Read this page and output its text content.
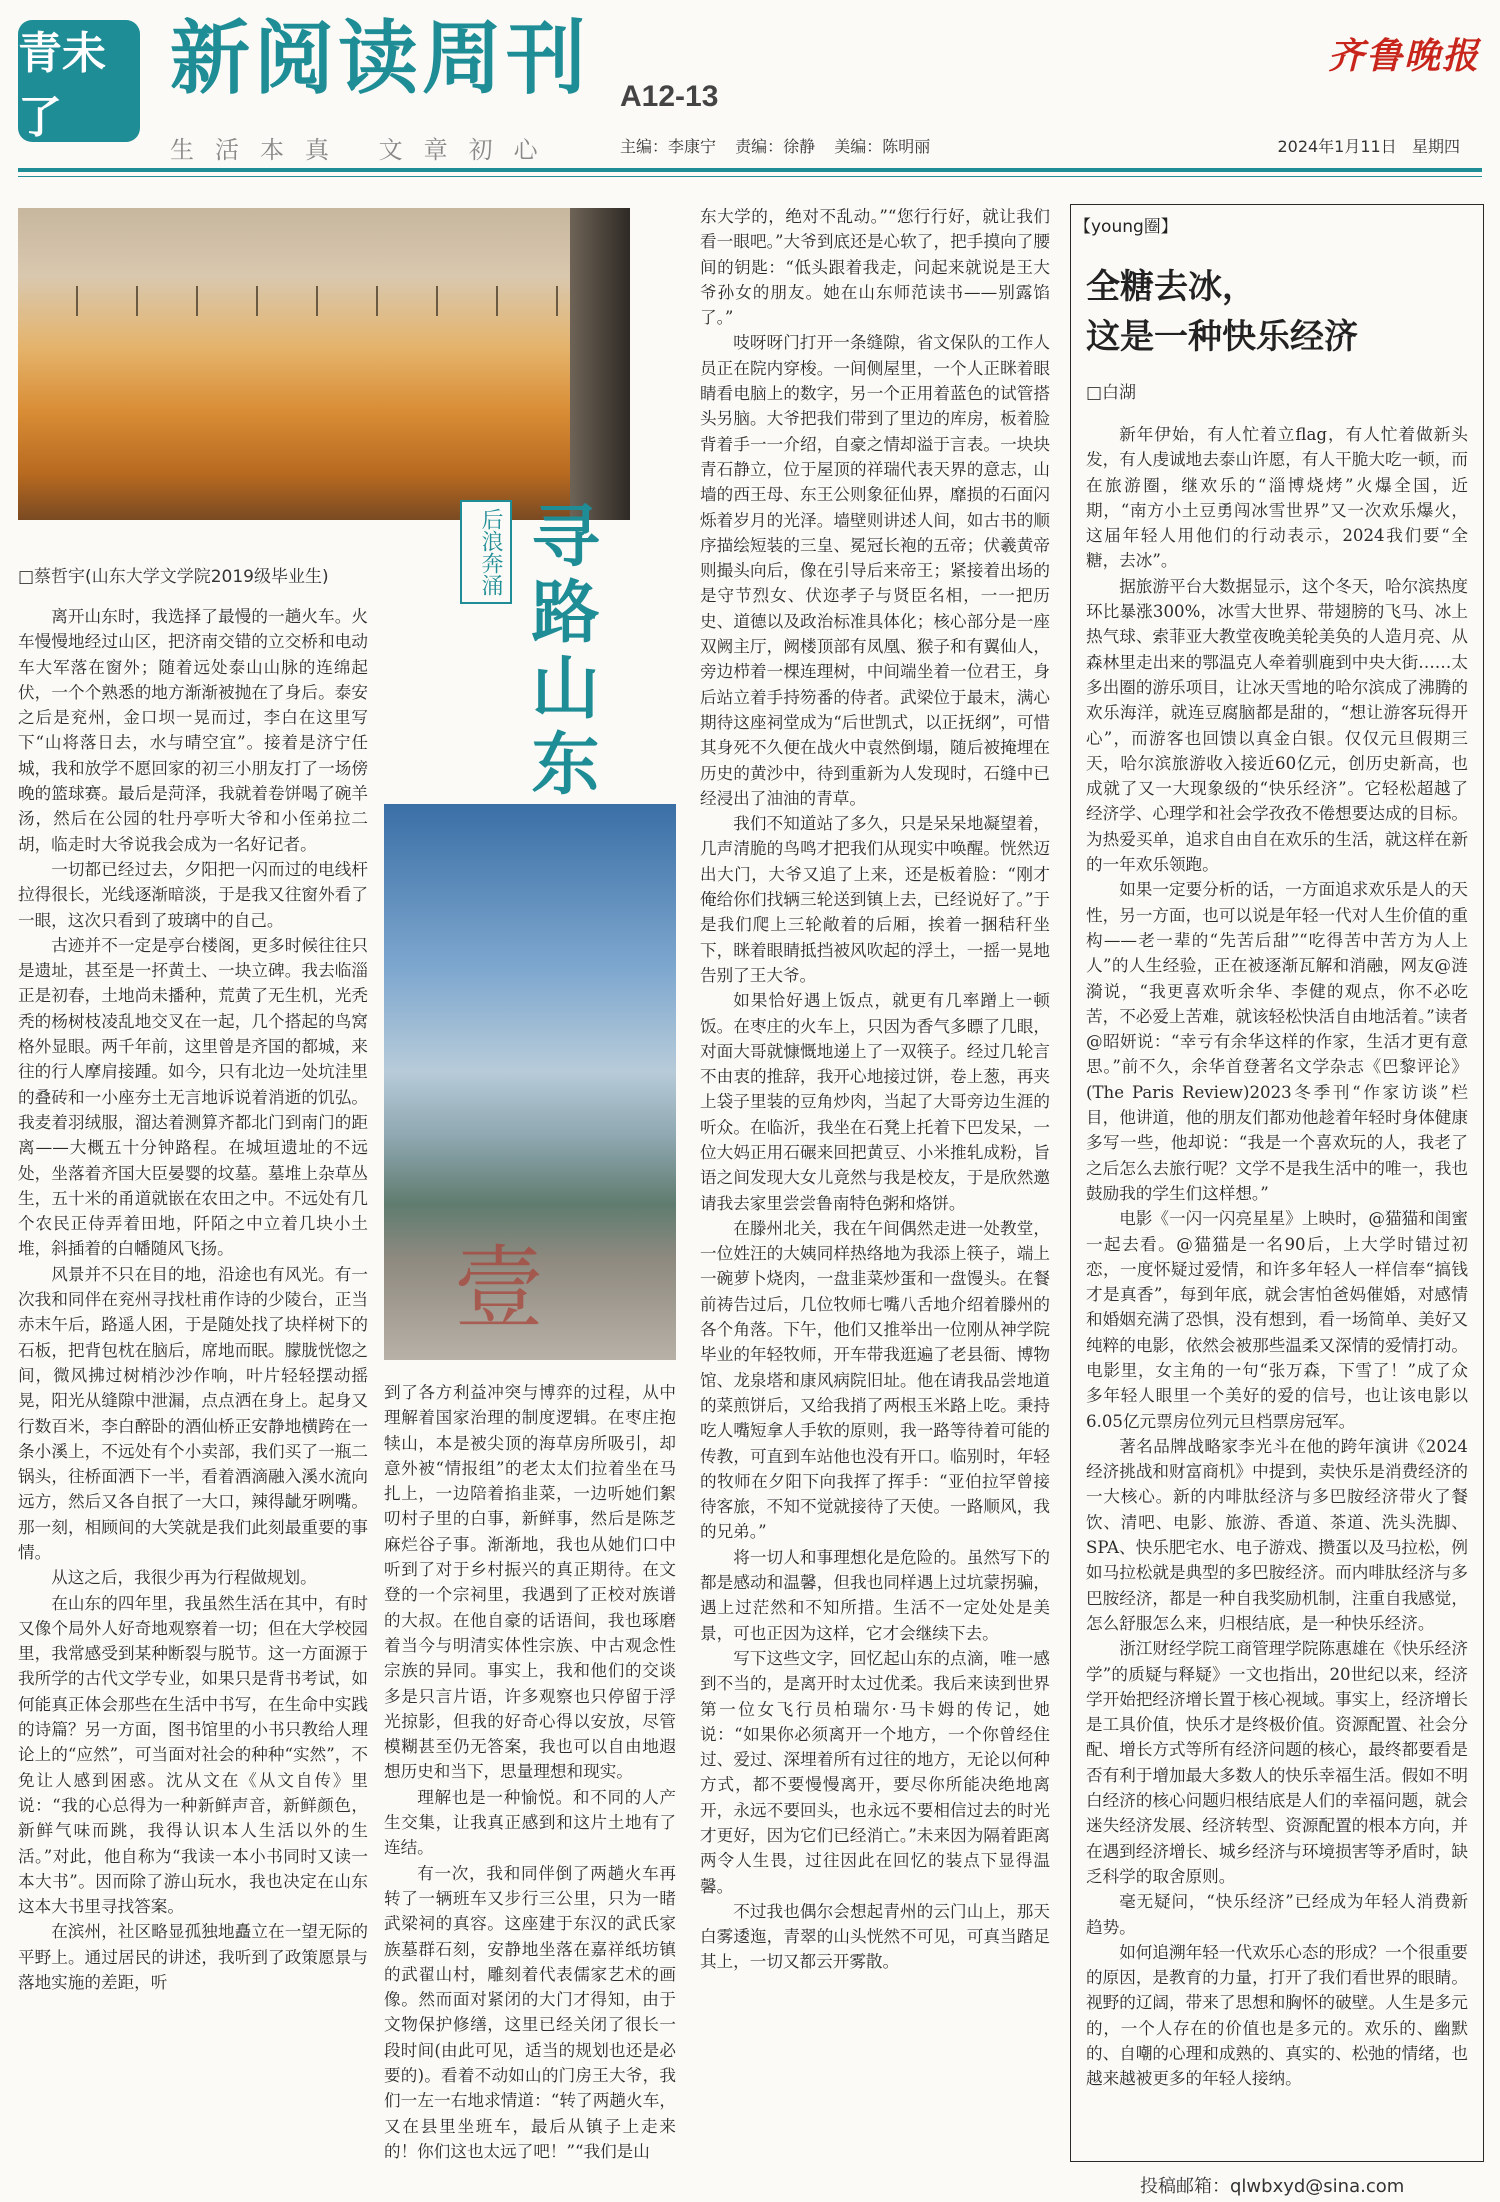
青未了
新阅读周刊 A12-13
齐鲁晚报
生活本真 文章初心	主编：李康宁 责编：徐静 美编：陈明丽	2024年1月11日 星期四
后浪奔涌 寻路山东
□蔡哲宇(山东大学文学院2019级毕业生)

离开山东时，我选择了最慢的一趟火车。火车慢慢地经过山区，把济南交错的立交桥和电动车大军落在窗外；随着远处泰山山脉的连绵起伏，一个个熟悉的地方渐渐被抛在了身后。泰安之后是兖州，金口坝一晃而过，李白在这里写下“山将落日去，水与晴空宜”。接着是济宁任城，我和放学不愿回家的初三小朋友打了一场傍晚的篮球赛。最后是菏泽，我就着卷饼喝了碗羊汤，然后在公园的牡丹亭听大爷和小侄弟拉二胡，临走时大爷说我会成为一名好记者。

一切都已经过去，夕阳把一闪而过的电线杆拉得很长，光线逐渐暗淡，于是我又往窗外看了一眼，这次只看到了玻璃中的自己。

古迹并不一定是亭台楼阁，更多时候往往只是遗址，甚至是一抔黄土、一块立碑。我去临淄正是初春，土地尚未播种，荒黄了无生机，光秃秃的杨树枝凌乱地交叉在一起，几个搭起的鸟窝格外显眼。两千年前，这里曾是齐国的都城，来往的行人摩肩接踵。如今，只有北边一处坑洼里的叠砖和一小座夯土无言地诉说着消逝的饥弘。我麦着羽绒服，溜达着测算齐都北门到南门的距离——大概五十分钟路程。在城垣遗址的不远处，坐落着齐国大臣晏婴的坟墓。墓堆上杂草丛生，五十米的甬道就嵌在农田之中。不远处有几个农民正侍弄着田地，阡陌之中立着几块小土堆，斜插着的白幡随风飞扬。

风景并不只在目的地，沿途也有风光。有一次我和同伴在兖州寻找杜甫作诗的少陵台，正当赤末午后，路遥人困，于是随处找了块样树下的石板，把背包枕在脑后，席地而眠。朦胧恍惚之间，微风拂过树梢沙沙作响，叶片轻轻摆动摇晃，阳光从缝隙中泄漏，点点洒在身上。起身又行数百米，李白醉卧的酒仙桥正安静地横跨在一条小溪上，不远处有个小卖部，我们买了一瓶二锅头，往桥面洒下一半，看着酒滴融入溪水流向远方，然后又各自抿了一大口，辣得龇牙咧嘴。那一刻，相顾间的大笑就是我们此刻最重要的事情。

从这之后，我很少再为行程做规划。

在山东的四年里，我虽然生活在其中，有时又像个局外人好奇地观察着一切；但在大学校园里，我常感受到某种断裂与脱节。这一方面源于我所学的古代文学专业，如果只是背书考试，如何能真正体会那些在生活中书写，在生命中实践的诗篇？另一方面，图书馆里的小书只教给人理论上的“应然”，可当面对社会的种种“实然”，不免让人感到困惑。沈从文在《从文自传》里说：“我的心总得为一种新鲜声音，新鲜颜色，新鲜气味而跳，我得认识本人生活以外的生活。”对此，他自称为“我读一本小书同时又读一本大书”。因而除了游山玩水，我也决定在山东这本大书里寻找答案。

在滨州，社区略显孤独地矗立在一望无际的平野上。通过居民的讲述，我听到了政策愿景与落地实施的差距，听

壹

到了各方利益冲突与博弈的过程，从中理解着国家治理的制度逻辑。在枣庄抱犊山，本是被尖顶的海草房所吸引，却意外被“情报组”的老太太们拉着坐在马扎上，一边陪着掐韭菜，一边听她们絮叨村子里的白事，新鲜事，然后是陈芝麻烂谷子事。渐渐地，我也从她们口中听到了对于乡村振兴的真正期待。在文登的一个宗祠里，我遇到了正校对族谱的大叔。在他自豪的话语间，我也琢磨着当今与明清实体性宗族、中古观念性宗族的异同。事实上，我和他们的交谈多是只言片语，许多观察也只停留于浮光掠影，但我的好奇心得以安放，尽管模糊甚至仍无答案，我也可以自由地遐想历史和当下，思量理想和现实。

理解也是一种愉悦。和不同的人产生交集，让我真正感到和这片土地有了连结。

有一次，我和同伴倒了两趟火车再转了一辆班车又步行三公里，只为一睹武梁祠的真容。这座建于东汉的武氏家族墓群石刻，安静地坐落在嘉祥纸坊镇的武翟山村，雕刻着代表儒家艺术的画像。然而面对紧闭的大门才得知，由于文物保护修缮，这里已经关闭了很长一段时间(由此可见，适当的规划也还是必要的)。看着不动如山的门房王大爷，我们一左一右地求情道：“转了两趟火车，又在县里坐班车，最后从镇子上走来的！你们这也太远了吧！”“我们是山

东大学的，绝对不乱动。”“您行行好，就让我们看一眼吧。”大爷到底还是心软了，把手摸向了腰间的钥匙：“低头跟着我走，问起来就说是王大爷孙女的朋友。她在山东师范读书——别露馅了。”

吱呀呀门打开一条缝隙，省文保队的工作人员正在院内穿梭。一间侧屋里，一个人正眯着眼睛看电脑上的数字，另一个正用着蓝色的试管搭头另脑。大爷把我们带到了里边的库房，板着脸背着手一一介绍，自豪之情却溢于言表。一块块青石静立，位于屋顶的祥瑞代表天界的意志，山墙的西王母、东王公则象征仙界，靡损的石面闪烁着岁月的光泽。墙壁则讲述人间，如古书的顺序描绘短装的三皇、冕冠长袍的五帝；伏羲黄帝则撮头向后，像在引导后来帝王；紧接着出场的是守节烈女、伏迩孝子与贤臣名相，一一把历史、道德以及政治标准具体化；核心部分是一座双阙主厅，阙楼顶部有凤凰、猴子和有翼仙人，旁边栉着一棵连理树，中间端坐着一位君王，身后站立着手持笏番的侍者。武梁位于最末，满心期待这座祠堂成为“后世凯式，以正抚纲”，可惜其身死不久便在战火中袁然倒塌，随后被掩埋在历史的黄沙中，待到重新为人发现时，石缝中已经浸出了油油的青草。

我们不知道站了多久，只是呆呆地凝望着，几声清脆的鸟鸣才把我们从现实中唤醒。恍然迈出大门，大爷又追了上来，还是板着脸：“刚才俺给你们找辆三轮送到镇上去，已经说好了。”于是我们爬上三轮敞着的后厢，挨着一捆秸秆坐下，眯着眼睛抵挡被风吹起的浮土，一摇一晃地告别了王大爷。

如果恰好遇上饭点，就更有几率蹭上一顿饭。在枣庄的火车上，只因为香气多瞟了几眼，对面大哥就慷慨地递上了一双筷子。经过几轮言不由衷的推辞，我开心地接过饼，卷上葱，再夹上袋子里装的豆角炒肉，当起了大哥旁边生涯的听众。在临沂，我坐在石凳上托着下巴发呆，一位大妈正用石碾来回把黄豆、小米推轧成粉，旨语之间发现大女儿竟然与我是校友，于是欣然邀请我去家里尝尝鲁南特色粥和烙饼。

在滕州北关，我在午间偶然走进一处教堂，一位姓汪的大姨同样热络地为我添上筷子，端上一碗萝卜烧肉，一盘韭菜炒蛋和一盘馒头。在餐前祷告过后，几位牧师七嘴八舌地介绍着滕州的各个角落。下午，他们又推举出一位刚从神学院毕业的年轻牧师，开车带我逛遍了老县衙、博物馆、龙泉塔和康风病院旧址。他在请我品尝地道的菜煎饼后，又给我捎了两根玉米路上吃。秉持吃人嘴短拿人手软的原则，我一路等待着可能的传教，可直到车站他也没有开口。临别时，年轻的牧师在夕阳下向我挥了挥手：“亚伯拉罕曾接待客旅，不知不觉就接待了天使。一路顺风，我的兄弟。”

将一切人和事理想化是危险的。虽然写下的都是感动和温馨，但我也同样遇上过坑蒙拐骗，遇上过茫然和不知所措。生活不一定处处是美景，可也正因为这样，它才会继续下去。

写下这些文字，回忆起山东的点滴，唯一感到不当的，是离开时太过优柔。我后来读到世界第一位女飞行员柏瑞尔·马卡姆的传记，她说：“如果你必须离开一个地方，一个你曾经住过、爱过、深埋着所有过往的地方，无论以何种方式，都不要慢慢离开，要尽你所能决绝地离开，永远不要回头，也永远不要相信过去的时光才更好，因为它们已经消亡。”未来因为隔着距离两令人生畏，过往因此在回忆的装点下显得温馨。

不过我也偶尔会想起青州的云门山上，那天白雾逶迤，青翠的山头恍然不可见，可真当踏足其上，一切又都云开雾散。

【young圈】
全糖去冰，
这是一种快乐经济
□白湖

新年伊始，有人忙着立flag，有人忙着做新头发，有人虔诚地去泰山许愿，有人干脆大吃一顿，而在旅游圈，继欢乐的“淄博烧烤”火爆全国，近期，“南方小土豆勇闯冰雪世界”又一次欢乐爆火，这届年轻人用他们的行动表示，2024我们要“全糖，去冰”。

据旅游平台大数据显示，这个冬天，哈尔滨热度环比暴涨300%，冰雪大世界、带翅膀的飞马、冰上热气球、索菲亚大教堂夜晚美轮美奂的人造月亮、从森林里走出来的鄂温克人牵着驯鹿到中央大街……太多出圈的游乐项目，让冰天雪地的哈尔滨成了沸腾的欢乐海洋，就连豆腐脑都是甜的，“想让游客玩得开心”，而游客也回馈以真金白银。仅仅元旦假期三天，哈尔滨旅游收入接近60亿元，创历史新高，也成就了又一大现象级的“快乐经济”。它轻松超越了经济学、心理学和社会学孜孜不倦想要达成的目标。为热爱买单，追求自由自在欢乐的生活，就这样在新的一年欢乐领跑。

如果一定要分析的话，一方面追求欢乐是人的天性，另一方面，也可以说是年轻一代对人生价值的重构——老一辈的“先苦后甜”“吃得苦中苦方为人上人”的人生经验，正在被逐渐瓦解和消融，网友@涟漪说，“我更喜欢听余华、李健的观点，你不必吃苦，不必爱上苦难，就该轻松快活自由地活着。”读者@昭妍说：“幸亏有余华这样的作家，生活才更有意思。”前不久，余华首登著名文学杂志《巴黎评论》(The Paris Review)2023冬季刊“作家访谈”栏目，他讲道，他的朋友们都劝他趁着年轻时身体健康多写一些，他却说：“我是一个喜欢玩的人，我老了之后怎么去旅行呢？文学不是我生活中的唯一，我也鼓励我的学生们这样想。”

电影《一闪一闪亮星星》上映时，@猫猫和闺蜜一起去看。@猫猫是一名90后，上大学时错过初恋，一度怀疑过爱情，和许多年轻人一样信奉“搞钱才是真香”，每到年底，就会害怕爸妈催婚，对感情和婚姻充满了恐惧，没有想到，看一场简单、美好又纯粹的电影，依然会被那些温柔又深情的爱情打动。电影里，女主角的一句“张万森，下雪了！”成了众多年轻人眼里一个美好的爱的信号，也让该电影以6.05亿元票房位列元旦档票房冠军。

著名品牌战略家李光斗在他的跨年演讲《2024经济挑战和财富商机》中提到，卖快乐是消费经济的一大核心。新的内啡肽经济与多巴胺经济带火了餐饮、清吧、电影、旅游、香道、茶道、洗头洗脚、SPA、快乐肥宅水、电子游戏、攒蛋以及马拉松，例如马拉松就是典型的多巴胺经济。而内啡肽经济与多巴胺经济，都是一种自我奖励机制，注重自我感觉，怎么舒服怎么来，归根结底，是一种快乐经济。

浙江财经学院工商管理学院陈惠雄在《快乐经济学”的质疑与释疑》一文也指出，20世纪以来，经济学开始把经济增长置于核心视域。事实上，经济增长是工具价值，快乐才是终极价值。资源配置、社会分配、增长方式等所有经济问题的核心，最终都要看是否有利于增加最大多数人的快乐幸福生活。假如不明白经济的核心问题归根结底是人们的幸福问题，就会迷失经济发展、经济转型、资源配置的根本方向，并在遇到经济增长、城乡经济与环境损害等矛盾时，缺乏科学的取舍原则。

毫无疑问，“快乐经济”已经成为年轻人消费新趋势。

如何追溯年轻一代欢乐心态的形成？一个很重要的原因，是教育的力量，打开了我们看世界的眼睛。视野的辽阔，带来了思想和胸怀的破壁。人生是多元的，一个人存在的价值也是多元的。欢乐的、幽默的、自嘲的心理和成熟的、真实的、松弛的情绪，也越来越被更多的年轻人接纳。

投稿邮箱：qlwbxyd@sina.com
